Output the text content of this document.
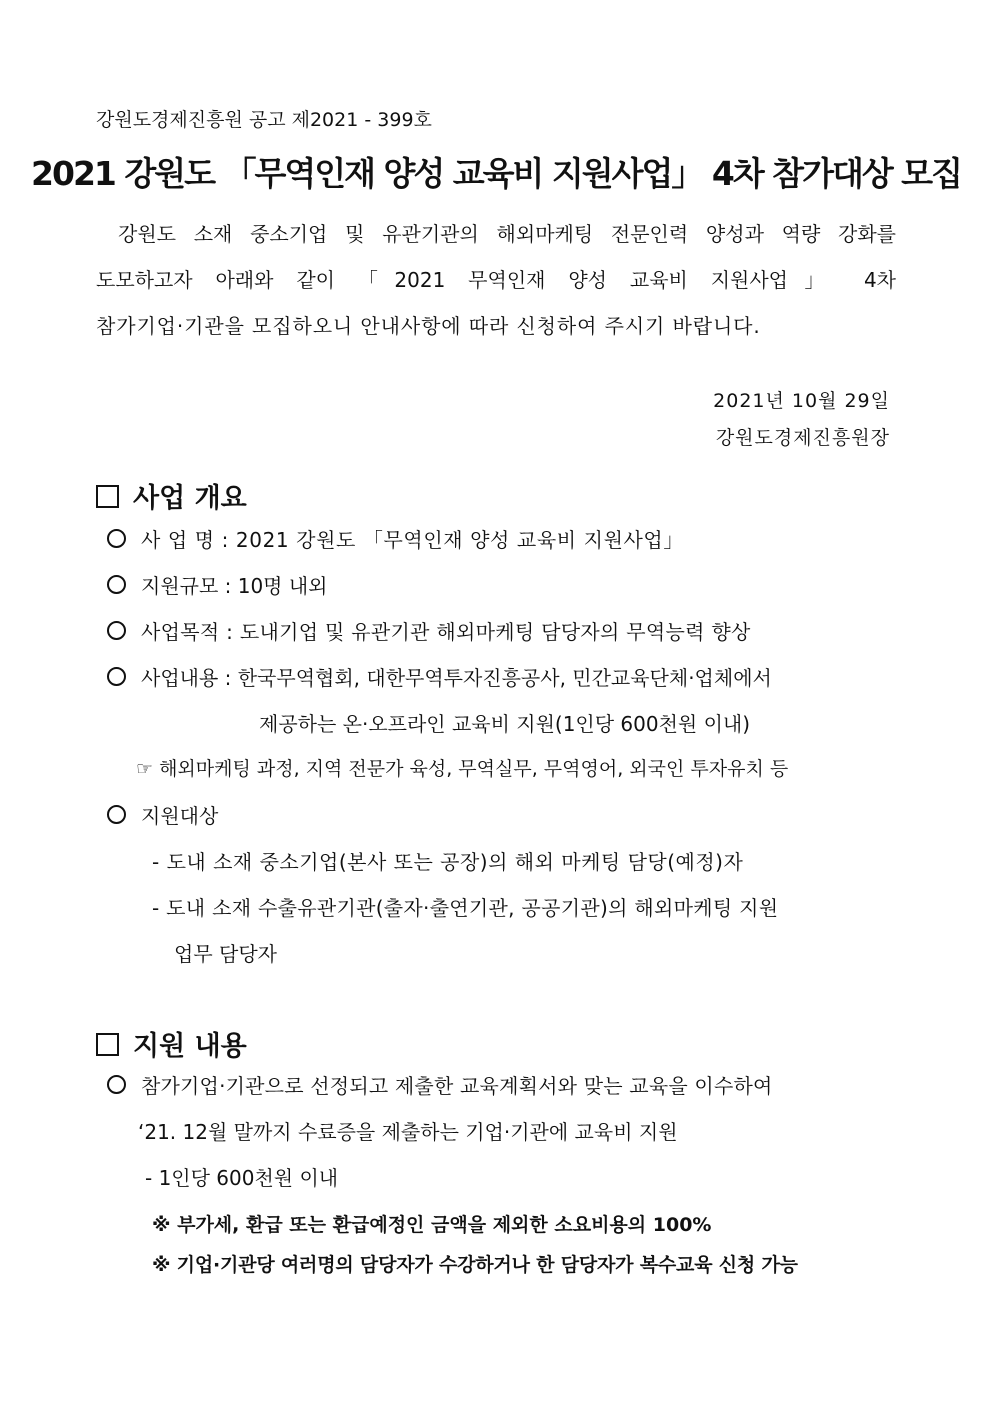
강원도경제진흥원 공고 제2021 - 399호
2021 강원도 「무역인재 양성 교육비 지원사업」 4차 참가대상 모집
강원도 소재 중소기업 및 유관기관의 해외마케팅 전문인력 양성과 역량 강화를
도모하고자 아래와 같이 「2021 무역인재 양성 교육비 지원사업」 4차
참가기업·기관을 모집하오니 안내사항에 따라 신청하여 주시기 바랍니다.
2021년 10월 29일
강원도경제진흥원장
사업 개요
사 업 명 : 2021 강원도 「무역인재 양성 교육비 지원사업」
지원규모 : 10명 내외
사업목적 : 도내기업 및 유관기관 해외마케팅 담당자의 무역능력 향상
사업내용 : 한국무역협회, 대한무역투자진흥공사, 민간교육단체·업체에서
제공하는 온·오프라인 교육비 지원(1인당 600천원 이내)
☞ 해외마케팅 과정, 지역 전문가 육성, 무역실무, 무역영어, 외국인 투자유치 등
지원대상
- 도내 소재 중소기업(본사 또는 공장)의 해외 마케팅 담당(예정)자
- 도내 소재 수출유관기관(출자·출연기관, 공공기관)의 해외마케팅 지원
업무 담당자
지원 내용
참가기업·기관으로 선정되고 제출한 교육계획서와 맞는 교육을 이수하여
‘21. 12월 말까지 수료증을 제출하는 기업·기관에 교육비 지원
- 1인당 600천원 이내
※ 부가세, 환급 또는 환급예정인 금액을 제외한 소요비용의 100%
※ 기업·기관당 여러명의 담당자가 수강하거나 한 담당자가 복수교육 신청 가능
